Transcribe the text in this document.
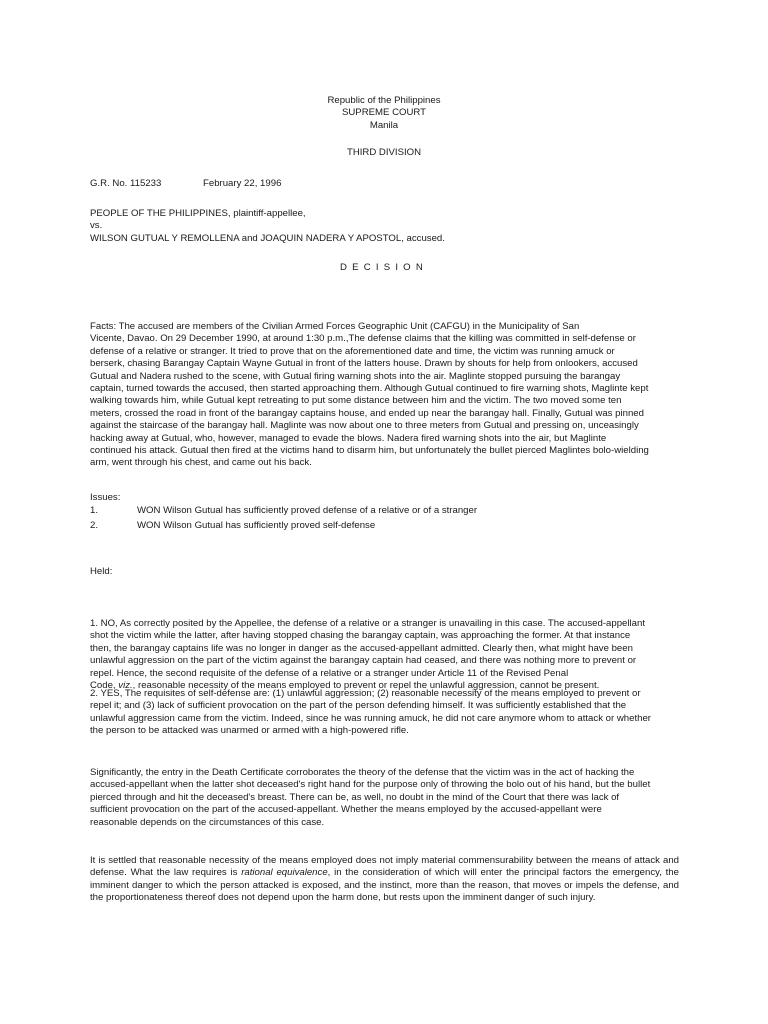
Republic of the Philippines
SUPREME COURT
Manila
THIRD DIVISION
G.R. No. 115233	February 22, 1996
PEOPLE OF THE PHILIPPINES, plaintiff-appellee,
vs.
WILSON GUTUAL Y REMOLLENA and JOAQUIN NADERA Y APOSTOL, accused.
DECISION
Facts: The accused are members of the Civilian Armed Forces Geographic Unit (CAFGU) in the Municipality of San
Vicente, Davao. On 29 December 1990, at around 1:30 p.m.,The defense claims that the killing was committed in self-defense or
defense of a relative or stranger. It tried to prove that on the aforementioned date and time, the victim was running amuck or
berserk, chasing Barangay Captain Wayne Gutual in front of the latters house. Drawn by shouts for help from onlookers, accused
Gutual and Nadera rushed to the scene, with Gutual firing warning shots into the air. Maglinte stopped pursuing the barangay
captain, turned towards the accused, then started approaching them. Although Gutual continued to fire warning shots, Maglinte kept
walking towards him, while Gutual kept retreating to put some distance between him and the victim. The two moved some ten
meters, crossed the road in front of the barangay captains house, and ended up near the barangay hall. Finally, Gutual was pinned
against the staircase of the barangay hall. Maglinte was now about one to three meters from Gutual and pressing on, unceasingly
hacking away at Gutual, who, however, managed to evade the blows. Nadera fired warning shots into the air, but Maglinte
continued his attack. Gutual then fired at the victims hand to disarm him, but unfortunately the bullet pierced Maglintes bolo-wielding
arm, went through his chest, and came out his back.
Issues:
1.	WON Wilson Gutual has sufficiently proved defense of a relative or of a stranger
2.	WON Wilson Gutual has sufficiently proved self-defense
Held:
1. NO, As correctly posited by the Appellee, the defense of a relative or a stranger is unavailing in this case. The accused-appellant
shot the victim while the latter, after having stopped chasing the barangay captain, was approaching the former. At that instance
then, the barangay captains life was no longer in danger as the accused-appellant admitted. Clearly then, what might have been
unlawful aggression on the part of the victim against the barangay captain had ceased, and there was nothing more to prevent or
repel. Hence, the second requisite of the defense of a relative or a stranger under Article 11 of the Revised Penal
Code, viz., reasonable necessity of the means employed to prevent or repel the unlawful aggression, cannot be present.
2. YES, The requisites of self-defense are: (1) unlawful aggression; (2) reasonable necessity of the means employed to prevent or
repel it; and (3) lack of sufficient provocation on the part of the person defending himself. It was sufficiently established that the
unlawful aggression came from the victim. Indeed, since he was running amuck, he did not care anymore whom to attack or whether
the person to be attacked was unarmed or armed with a high-powered rifle.
Significantly, the entry in the Death Certificate corroborates the theory of the defense that the victim was in the act of hacking the
accused-appellant when the latter shot deceased's right hand for the purpose only of throwing the bolo out of his hand, but the bullet
pierced through and hit the deceased's breast. There can be, as well, no doubt in the mind of the Court that there was lack of
sufficient provocation on the part of the accused-appellant. Whether the means employed by the accused-appellant were
reasonable depends on the circumstances of this case.
It is settled that reasonable necessity of the means employed does not imply material commensurability between the means of attack and defense. What the law requires is rational equivalence, in the consideration of which will enter the principal factors the emergency, the imminent danger to which the person attacked is exposed, and the instinct, more than the reason, that moves or impels the defense, and the proportionateness thereof does not depend upon the harm done, but rests upon the imminent danger of such injury.
